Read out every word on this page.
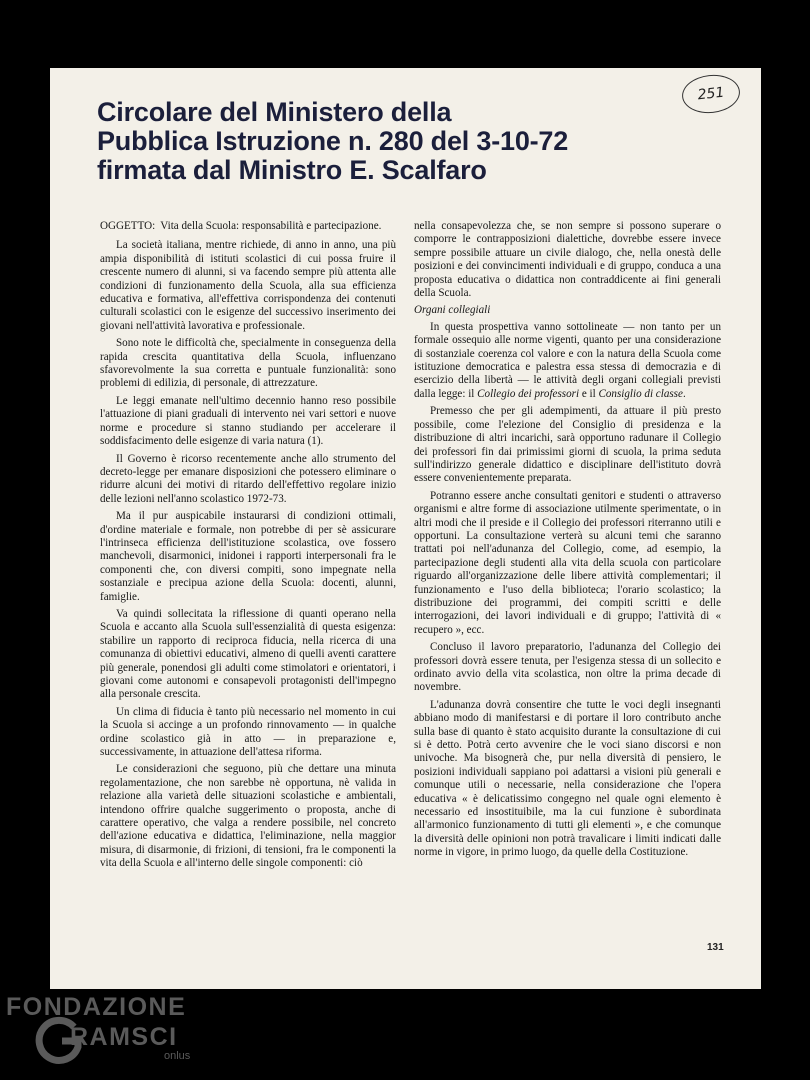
251
Circolare del Ministero della
Pubblica Istruzione n. 280 del 3-10-72
firmata dal Ministro E. Scalfaro
OGGETTO: Vita della Scuola: responsabilità e partecipazione.

La società italiana, mentre richiede, di anno in anno, una più ampia disponibilità di istituti scolastici di cui possa fruire il crescente numero di alunni, si va facendo sempre più attenta alle condizioni di funzionamento della Scuola, alla sua efficienza educativa e formativa, all'effettiva corrispondenza dei contenuti culturali scolastici con le esigenze del successivo inserimento dei giovani nell'attività lavorativa e professionale.

Sono note le difficoltà che, specialmente in conseguenza della rapida crescita quantitativa della Scuola, influenzano sfavorevolmente la sua corretta e puntuale funzionalità: sono problemi di edilizia, di personale, di attrezzature.

Le leggi emanate nell'ultimo decennio hanno reso possibile l'attuazione di piani graduali di intervento nei vari settori e nuove norme e procedure si stanno studiando per accelerare il soddisfacimento delle esigenze di varia natura (1).

Il Governo è ricorso recentemente anche allo strumento del decreto-legge per emanare disposizioni che potessero eliminare o ridurre alcuni dei motivi di ritardo dell'effettivo regolare inizio delle lezioni nell'anno scolastico 1972-73.

Ma il pur auspicabile instaurarsi di condizioni ottimali, d'ordine materiale e formale, non potrebbe di per sè assicurare l'intrinseca efficienza dell'istituzione scolastica, ove fossero manchevoli, disarmonici, inidonei i rapporti interpersonali fra le componenti che, con diversi compiti, sono impegnate nella sostanziale e precipua azione della Scuola: docenti, alunni, famiglie.

Va quindi sollecitata la riflessione di quanti operano nella Scuola e accanto alla Scuola sull'essenzialità di questa esigenza: stabilire un rapporto di reciproca fiducia, nella ricerca di una comunanza di obiettivi educativi, almeno di quelli aventi carattere più generale, ponendosi gli adulti come stimolatori e orientatori, i giovani come autonomi e consapevoli protagonisti dell'impegno alla personale crescita.

Un clima di fiducia è tanto più necessario nel momento in cui la Scuola si accinge a un profondo rinnovamento — in qualche ordine scolastico già in atto — in preparazione e, successivamente, in attuazione dell'attesa riforma.

Le considerazioni che seguono, più che dettare una minuta regolamentazione, che non sarebbe nè opportuna, nè valida in relazione alla varietà delle situazioni scolastiche e ambientali, intendono offrire qualche suggerimento o proposta, anche di carattere operativo, che valga a rendere possibile, nel concreto dell'azione educativa e didattica, l'eliminazione, nella maggior misura, di disarmonie, di frizioni, di tensioni, fra le componenti la vita della Scuola e all'interno delle singole componenti: ciò

nella consapevolezza che, se non sempre si possono superare o comporre le contrapposizioni dialettiche, dovrebbe essere invece sempre possibile attuare un civile dialogo, che, nella onestà delle posizioni e dei convincimenti individuali e di gruppo, conduca a una proposta educativa o didattica non contraddicente ai fini generali della Scuola.

Organi collegiali

In questa prospettiva vanno sottolineate — non tanto per un formale ossequio alle norme vigenti, quanto per una considerazione di sostanziale coerenza col valore e con la natura della Scuola come istituzione democratica e palestra essa stessa di democrazia e di esercizio della libertà — le attività degli organi collegiali previsti dalla legge: il Collegio dei professori e il Consiglio di classe.

Premesso che per gli adempimenti, da attuare il più presto possibile, come l'elezione del Consiglio di presidenza e la distribuzione di altri incarichi, sarà opportuno radunare il Collegio dei professori fin dai primissimi giorni di scuola, la prima seduta sull'indirizzo generale didattico e disciplinare dell'istituto dovrà essere convenientemente preparata.

Potranno essere anche consultati genitori e studenti o attraverso organismi e altre forme di associazione utilmente sperimentate, o in altri modi che il preside e il Collegio dei professori riterranno utili e opportuni. La consultazione verterà su alcuni temi che saranno trattati poi nell'adunanza del Collegio, come, ad esempio, la partecipazione degli studenti alla vita della scuola con particolare riguardo all'organizzazione delle libere attività complementari; il funzionamento e l'uso della biblioteca; l'orario scolastico; la distribuzione dei programmi, dei compiti scritti e delle interrogazioni, dei lavori individuali e di gruppo; l'attività di « recupero », ecc.

Concluso il lavoro preparatorio, l'adunanza del Collegio dei professori dovrà essere tenuta, per l'esigenza stessa di un sollecito e ordinato avvio della vita scolastica, non oltre la prima decade di novembre.

L'adunanza dovrà consentire che tutte le voci degli insegnanti abbiano modo di manifestarsi e di portare il loro contributo anche sulla base di quanto è stato acquisito durante la consultazione di cui si è detto. Potrà certo avvenire che le voci siano discorsi e non univoche. Ma bisognerà che, pur nella diversità di pensiero, le posizioni individuali sappiano poi adattarsi a visioni più generali e comunque utili o necessarie, nella considerazione che l'opera educativa « è delicatissimo congegno nel quale ogni elemento è necessario ed insostituibile, ma la cui funzione è subordinata all'armonico funzionamento di tutti gli elementi », e che comunque la diversità delle opinioni non potrà travalicare i limiti indicati dalle norme in vigore, in primo luogo, da quelle della Costituzione.

131
FONDAZIONE
RAMSCI
onlus
